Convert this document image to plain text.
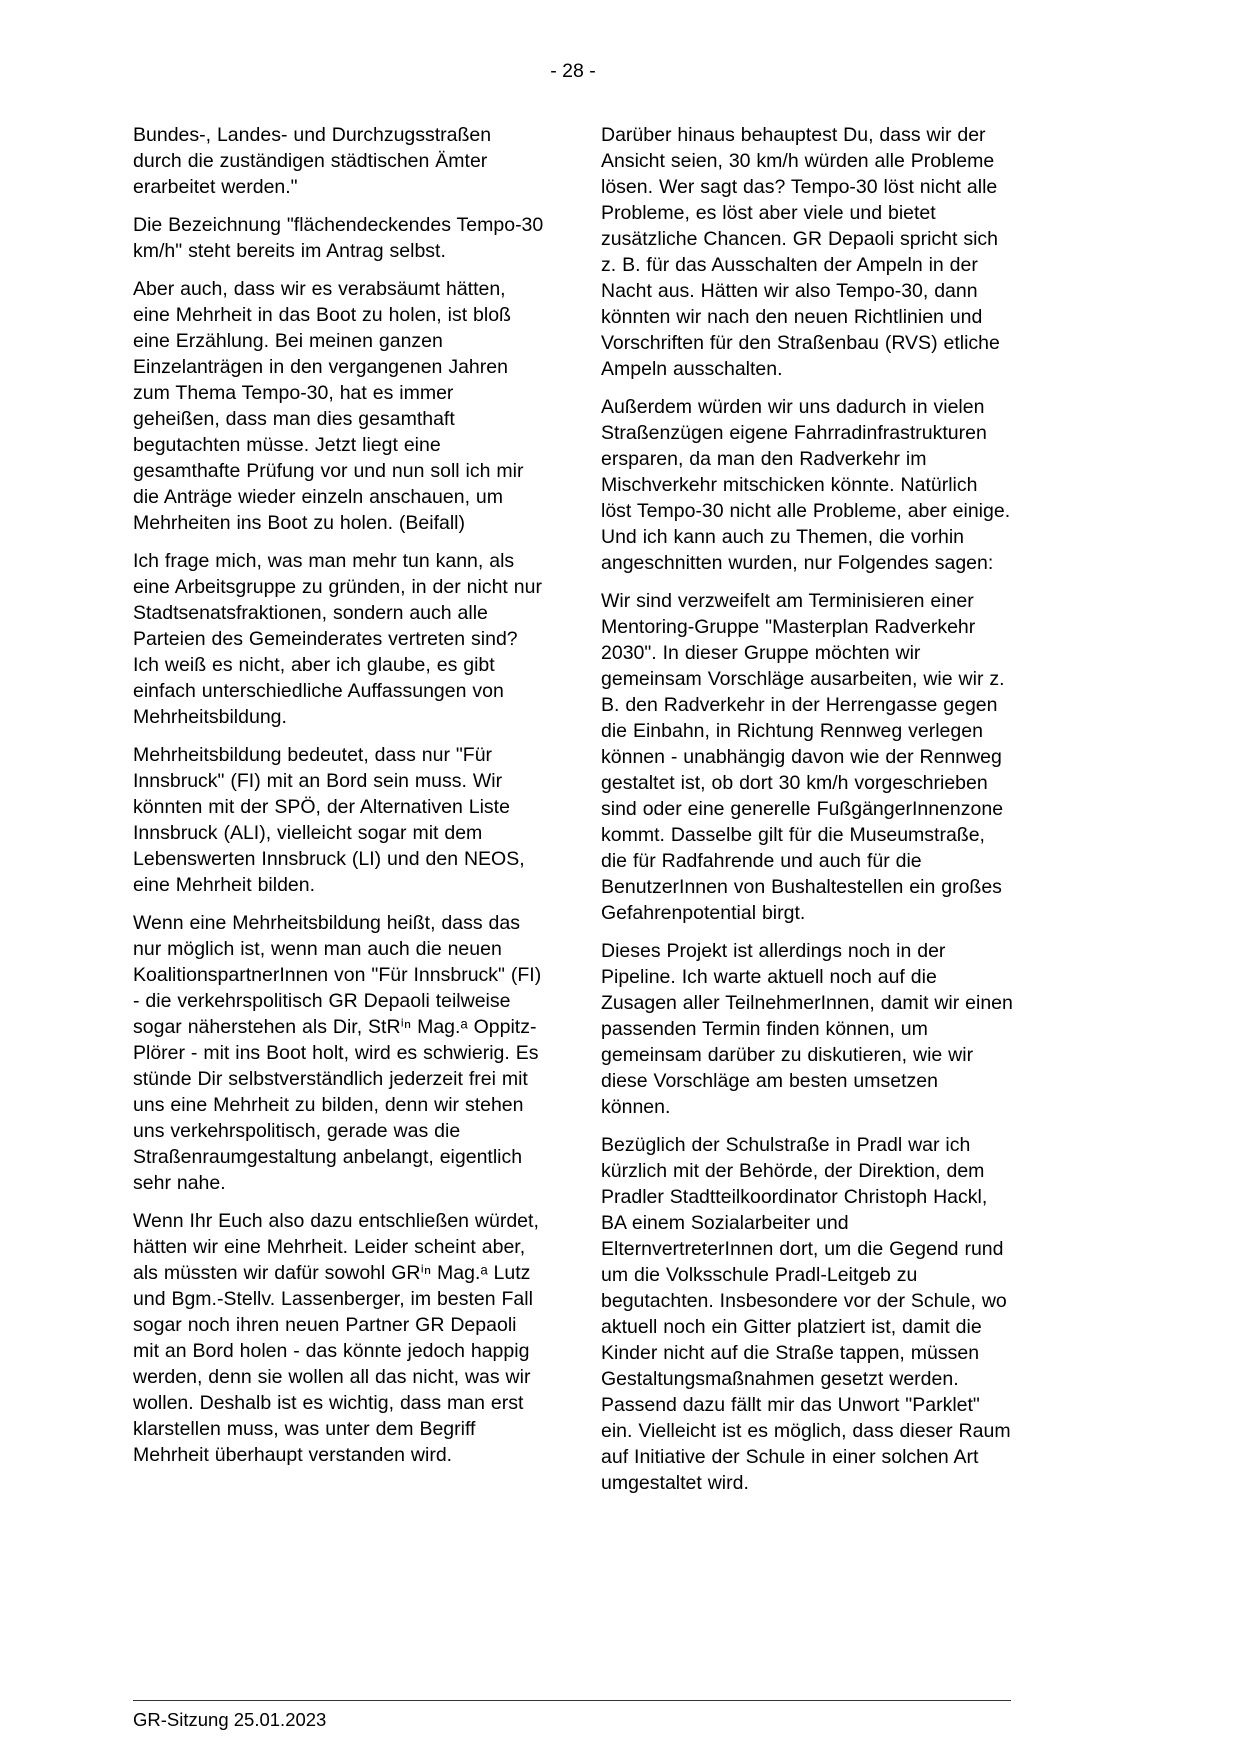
- 28 -

Bundes-, Landes- und Durchzugsstraßen durch die zuständigen städtischen Ämter erarbeitet werden."

Die Bezeichnung "flächendeckendes Tempo-30 km/h" steht bereits im Antrag selbst.

Aber auch, dass wir es verabsäumt hätten, eine Mehrheit in das Boot zu holen, ist bloß eine Erzählung. Bei meinen ganzen Einzelanträgen in den vergangenen Jahren zum Thema Tempo-30, hat es immer geheißen, dass man dies gesamthaft begutachten müsse. Jetzt liegt eine gesamthafte Prüfung vor und nun soll ich mir die Anträge wieder einzeln anschauen, um Mehrheiten ins Boot zu holen. (Beifall)

Ich frage mich, was man mehr tun kann, als eine Arbeitsgruppe zu gründen, in der nicht nur Stadtsenatsfraktionen, sondern auch alle Parteien des Gemeinderates vertreten sind? Ich weiß es nicht, aber ich glaube, es gibt einfach unterschiedliche Auffassungen von Mehrheitsbildung.

Mehrheitsbildung bedeutet, dass nur "Für Innsbruck" (FI) mit an Bord sein muss. Wir könnten mit der SPÖ, der Alternativen Liste Innsbruck (ALI), vielleicht sogar mit dem Lebenswerten Innsbruck (LI) und den NEOS, eine Mehrheit bilden.

Wenn eine Mehrheitsbildung heißt, dass das nur möglich ist, wenn man auch die neuen KoalitionspartnerInnen von "Für Innsbruck" (FI) - die verkehrspolitisch GR Depaoli teilweise sogar näherstehen als Dir, StRⁱⁿ Mag.ᵃ Oppitz-Plörer - mit ins Boot holt, wird es schwierig. Es stünde Dir selbstverständlich jederzeit frei mit uns eine Mehrheit zu bilden, denn wir stehen uns verkehrspolitisch, gerade was die Straßenraumgestaltung anbelangt, eigentlich sehr nahe.

Wenn Ihr Euch also dazu entschließen würdet, hätten wir eine Mehrheit. Leider scheint aber, als müssten wir dafür sowohl GRⁱⁿ Mag.ᵃ Lutz und Bgm.-Stellv. Lassenberger, im besten Fall sogar noch ihren neuen Partner GR Depaoli mit an Bord holen - das könnte jedoch happig werden, denn sie wollen all das nicht, was wir wollen. Deshalb ist es wichtig, dass man erst klarstellen muss, was unter dem Begriff Mehrheit überhaupt verstanden wird.

Darüber hinaus behauptest Du, dass wir der Ansicht seien, 30 km/h würden alle Probleme lösen. Wer sagt das? Tempo-30 löst nicht alle Probleme, es löst aber viele und bietet zusätzliche Chancen. GR Depaoli spricht sich z. B. für das Ausschalten der Ampeln in der Nacht aus. Hätten wir also Tempo-30, dann könnten wir nach den neuen Richtlinien und Vorschriften für den Straßenbau (RVS) etliche Ampeln ausschalten.

Außerdem würden wir uns dadurch in vielen Straßenzügen eigene Fahrradinfrastrukturen ersparen, da man den Radverkehr im Mischverkehr mitschicken könnte. Natürlich löst Tempo-30 nicht alle Probleme, aber einige. Und ich kann auch zu Themen, die vorhin angeschnitten wurden, nur Folgendes sagen:

Wir sind verzweifelt am Terminisieren einer Mentoring-Gruppe "Masterplan Radverkehr 2030". In dieser Gruppe möchten wir gemeinsam Vorschläge ausarbeiten, wie wir z. B. den Radverkehr in der Herrengasse gegen die Einbahn, in Richtung Rennweg verlegen können - unabhängig davon wie der Rennweg gestaltet ist, ob dort 30 km/h vorgeschrieben sind oder eine generelle FußgängerInnenzone kommt. Dasselbe gilt für die Museumstraße, die für Radfahrende und auch für die BenutzerInnen von Bushaltestellen ein großes Gefahrenpotential birgt.

Dieses Projekt ist allerdings noch in der Pipeline. Ich warte aktuell noch auf die Zusagen aller TeilnehmerInnen, damit wir einen passenden Termin finden können, um gemeinsam darüber zu diskutieren, wie wir diese Vorschläge am besten umsetzen können.

Bezüglich der Schulstraße in Pradl war ich kürzlich mit der Behörde, der Direktion, dem Pradler Stadtteilkoordinator Christoph Hackl, BA einem Sozialarbeiter und ElternvertreterInnen dort, um die Gegend rund um die Volksschule Pradl-Leitgeb zu begutachten. Insbesondere vor der Schule, wo aktuell noch ein Gitter platziert ist, damit die Kinder nicht auf die Straße tappen, müssen Gestaltungsmaßnahmen gesetzt werden. Passend dazu fällt mir das Unwort "Parklet" ein. Vielleicht ist es möglich, dass dieser Raum auf Initiative der Schule in einer solchen Art umgestaltet wird.

GR-Sitzung 25.01.2023
